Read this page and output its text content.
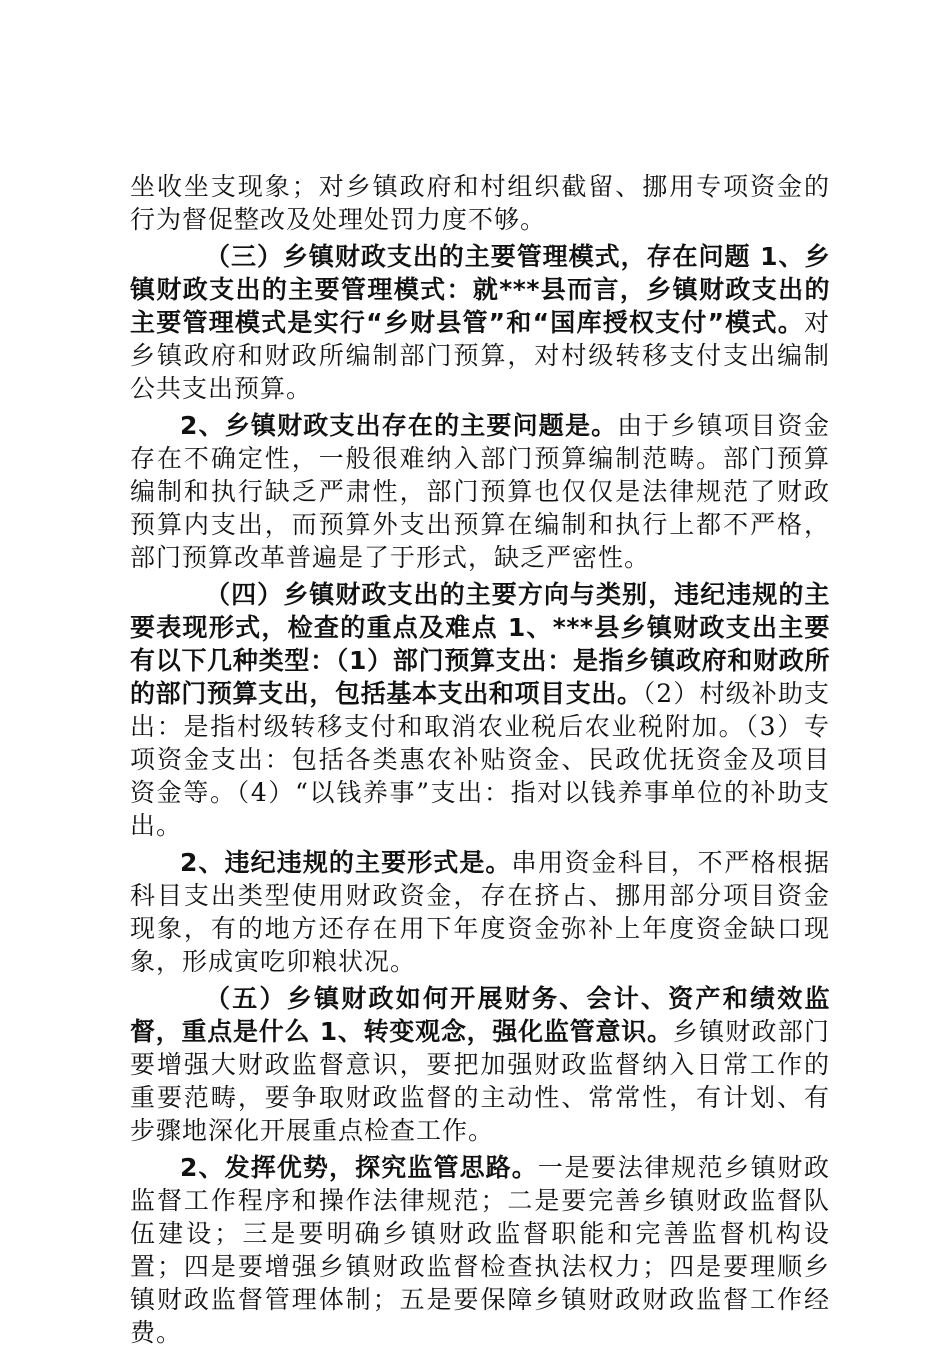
坐收坐支现象；对乡镇政府和村组织截留、挪用专项资金的行为督促整改及处理处罚力度不够。

（三）乡镇财政支出的主要管理模式，存在问题 1、乡镇财政支出的主要管理模式：就***县而言，乡镇财政支出的主要管理模式是实行“乡财县管”和“国库授权支付”模式。对乡镇政府和财政所编制部门预算，对村级转移支付支出编制公共支出预算。

2、乡镇财政支出存在的主要问题是。由于乡镇项目资金存在不确定性，一般很难纳入部门预算编制范畴。部门预算编制和执行缺乏严肃性，部门预算也仅仅是法律规范了财政预算内支出，而预算外支出预算在编制和执行上都不严格，部门预算改革普遍是了于形式，缺乏严密性。

（四）乡镇财政支出的主要方向与类别，违纪违规的主要表现形式，检查的重点及难点 1、***县乡镇财政支出主要有以下几种类型：（1）部门预算支出：是指乡镇政府和财政所的部门预算支出，包括基本支出和项目支出。（2）村级补助支出：是指村级转移支付和取消农业税后农业税附加。（3）专项资金支出：包括各类惠农补贴资金、民政优抚资金及项目资金等。（4）“以钱养事”支出：指对以钱养事单位的补助支出。

2、违纪违规的主要形式是。串用资金科目，不严格根据科目支出类型使用财政资金，存在挤占、挪用部分项目资金现象，有的地方还存在用下年度资金弥补上年度资金缺口现象，形成寅吃卯粮状况。

（五）乡镇财政如何开展财务、会计、资产和绩效监督，重点是什么 1、转变观念，强化监管意识。乡镇财政部门要增强大财政监督意识，要把加强财政监督纳入日常工作的重要范畴，要争取财政监督的主动性、常常性，有计划、有步骤地深化开展重点检查工作。

2、发挥优势，探究监管思路。一是要法律规范乡镇财政监督工作程序和操作法律规范；二是要完善乡镇财政监督队伍建设；三是要明确乡镇财政监督职能和完善监督机构设置；四是要增强乡镇财政监督检查执法权力；四是要理顺乡镇财政监督管理体制；五是要保障乡镇财政财政监督工作经费。
